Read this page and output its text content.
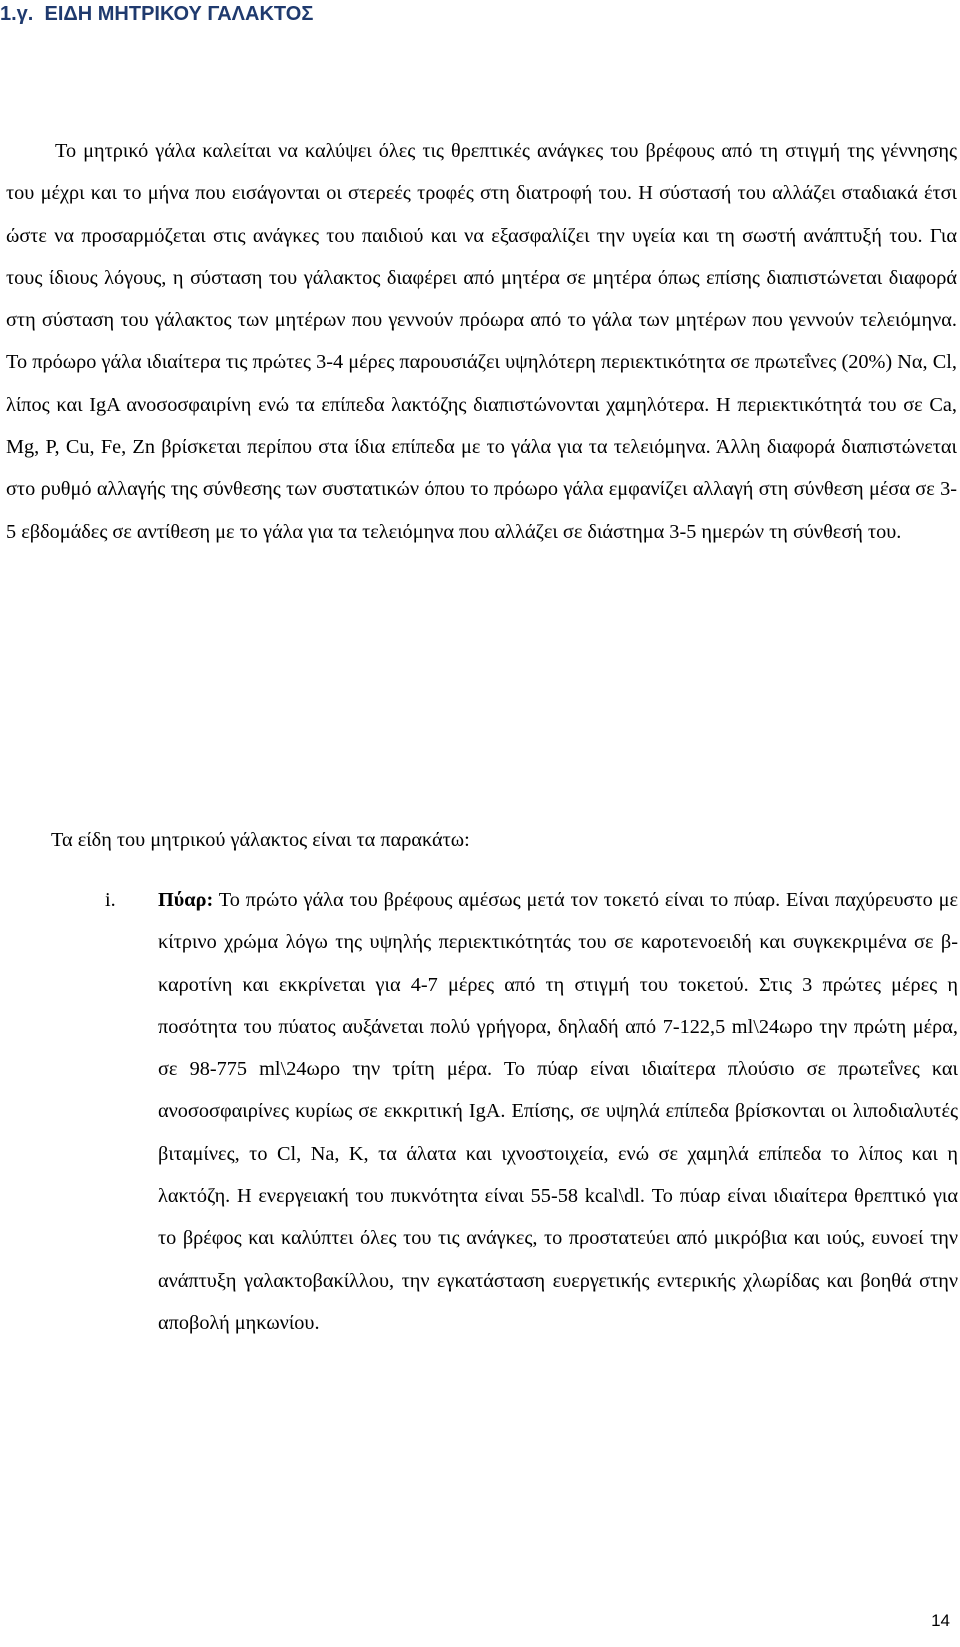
1.γ. ΕΙΔΗ ΜΗΤΡΙΚΟΥ ΓΑΛΑΚΤΟΣ

Το μητρικό γάλα καλείται να καλύψει όλες τις θρεπτικές ανάγκες του βρέφους από τη στιγμή της γέννησης του μέχρι και το μήνα που εισάγονται οι στερεές τροφές στη διατροφή του. Η σύστασή του αλλάζει σταδιακά έτσι ώστε να προσαρμόζεται στις ανάγκες του παιδιού και να εξασφαλίζει την υγεία και τη σωστή ανάπτυξή του. Για τους ίδιους λόγους, η σύσταση του γάλακτος διαφέρει από μητέρα σε μητέρα όπως επίσης διαπιστώνεται διαφορά στη σύσταση του γάλακτος των μητέρων που γεννούν πρόωρα από το γάλα των μητέρων που γεννούν τελειόμηνα. Το πρόωρο γάλα ιδιαίτερα τις πρώτες 3-4 μέρες παρουσιάζει υψηλότερη περιεκτικότητα σε πρωτεΐνες (20%) Να, Cl, λίπος και IgA ανοσοσφαιρίνη ενώ τα επίπεδα λακτόζης διαπιστώνονται χαμηλότερα. Η περιεκτικότητά του σε Ca, Mg, P, Cu, Fe, Zn βρίσκεται περίπου στα ίδια επίπεδα με το γάλα για τα τελειόμηνα. Άλλη διαφορά διαπιστώνεται στο ρυθμό αλλαγής της σύνθεσης των συστατικών όπου το πρόωρο γάλα εμφανίζει αλλαγή στη σύνθεση μέσα σε 3-5 εβδομάδες σε αντίθεση με το γάλα για τα τελειόμηνα που αλλάζει σε διάστημα 3-5 ημερών τη σύνθεσή του.

Τα είδη του μητρικού γάλακτος είναι τα παρακάτω:

i. Πύαρ: Το πρώτο γάλα του βρέφους αμέσως μετά τον τοκετό είναι το πύαρ. Είναι παχύρευστο με κίτρινο χρώμα λόγω της υψηλής περιεκτικότητάς του σε καροτενοειδή και συγκεκριμένα σε β-καροτίνη και εκκρίνεται για 4-7 μέρες από τη στιγμή του τοκετού. Στις 3 πρώτες μέρες η ποσότητα του πύατος αυξάνεται πολύ γρήγορα, δηλαδή από 7-122,5 ml\24ωρο την πρώτη μέρα, σε 98-775 ml\24ωρο την τρίτη μέρα. Το πύαρ είναι ιδιαίτερα πλούσιο σε πρωτεΐνες και ανοσοσφαιρίνες κυρίως σε εκκριτική IgA. Επίσης, σε υψηλά επίπεδα βρίσκονται οι λιποδιαλυτές βιταμίνες, το Cl, Na, K, τα άλατα και ιχνοστοιχεία, ενώ σε χαμηλά επίπεδα το λίπος και η λακτόζη. Η ενεργειακή του πυκνότητα είναι 55-58 kcal\dl. Το πύαρ είναι ιδιαίτερα θρεπτικό για το βρέφος και καλύπτει όλες του τις ανάγκες, το προστατεύει από μικρόβια και ιούς, ευνοεί την ανάπτυξη γαλακτοβακίλλου, την εγκατάσταση ευεργετικής εντερικής χλωρίδας και βοηθά στην αποβολή μηκωνίου.

14
